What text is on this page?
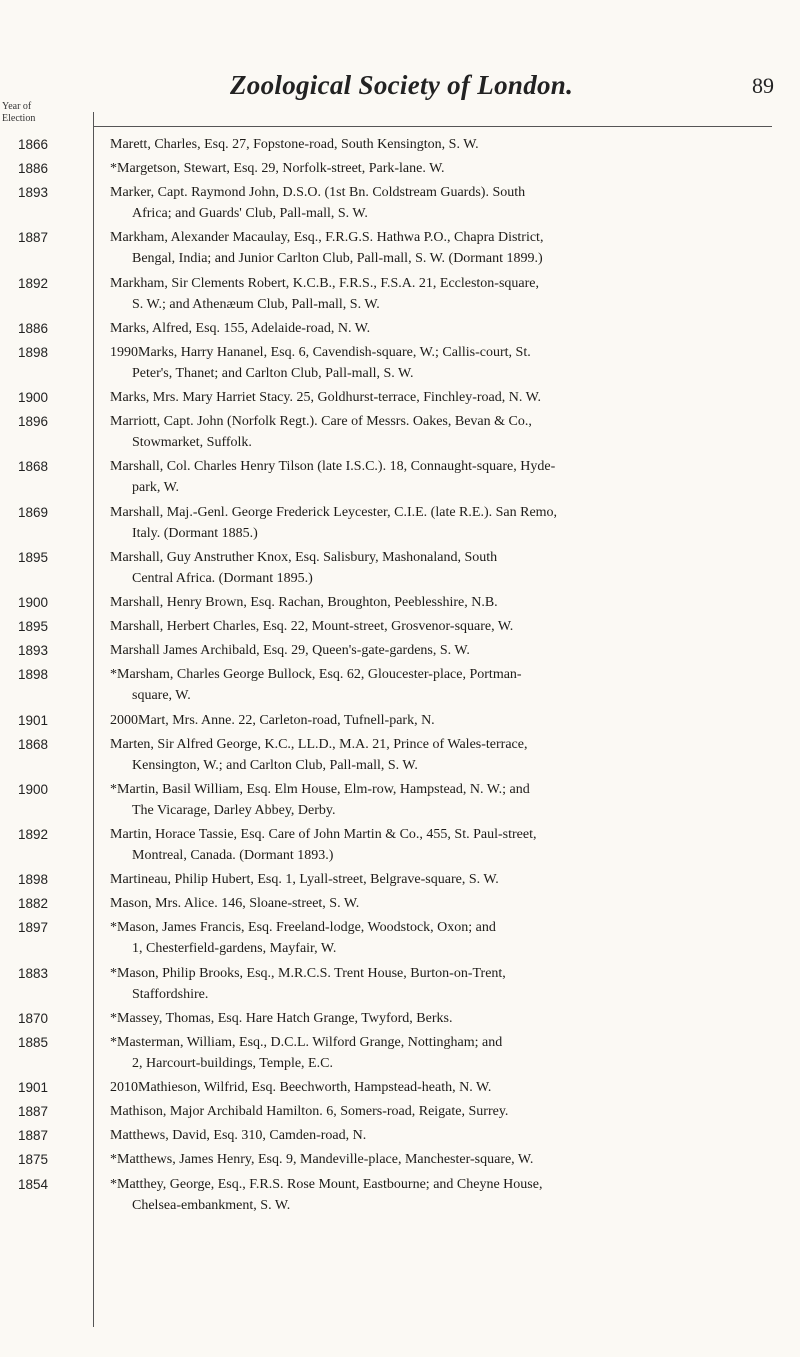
Zoological Society of London.	89
Year of
Election
1866	Marett, Charles, Esq. 27, Fopstone-road, South Kensington, S. W.
1886	*Margetson, Stewart, Esq. 29, Norfolk-street, Park-lane. W.
1893	Marker, Capt. Raymond John, D.S.O. (1st Bn. Coldstream Guards). South
Africa; and Guards' Club, Pall-mall, S. W.
1887	Markham, Alexander Macaulay, Esq., F.R.G.S. Hathwa P.O., Chapra District,
Bengal, India; and Junior Carlton Club, Pall-mall, S. W. (Dormant 1899.)
1892	Markham, Sir Clements Robert, K.C.B., F.R.S., F.S.A. 21, Eccleston-square,
S. W.; and Athenæum Club, Pall-mall, S. W.
1886	Marks, Alfred, Esq. 155, Adelaide-road, N. W.
1898	1990Marks, Harry Hananel, Esq. 6, Cavendish-square, W.; Callis-court, St.
Peter's, Thanet; and Carlton Club, Pall-mall, S. W.
1900	Marks, Mrs. Mary Harriet Stacy. 25, Goldhurst-terrace, Finchley-road, N. W.
1896	Marriott, Capt. John (Norfolk Regt.). Care of Messrs. Oakes, Bevan & Co.,
Stowmarket, Suffolk.
1868	Marshall, Col. Charles Henry Tilson (late I.S.C.). 18, Connaught-square, Hyde-
park, W.
1869	Marshall, Maj.-Genl. George Frederick Leycester, C.I.E. (late R.E.). San Remo,
Italy. (Dormant 1885.)
1895	Marshall, Guy Anstruther Knox, Esq. Salisbury, Mashonaland, South
Central Africa. (Dormant 1895.)
1900	Marshall, Henry Brown, Esq. Rachan, Broughton, Peeblesshire, N.B.
1895	Marshall, Herbert Charles, Esq. 22, Mount-street, Grosvenor-square, W.
1893	Marshall James Archibald, Esq. 29, Queen's-gate-gardens, S. W.
1898	*Marsham, Charles George Bullock, Esq. 62, Gloucester-place, Portman-
square, W.
1901	2000Mart, Mrs. Anne. 22, Carleton-road, Tufnell-park, N.
1868	Marten, Sir Alfred George, K.C., LL.D., M.A. 21, Prince of Wales-terrace,
Kensington, W.; and Carlton Club, Pall-mall, S. W.
1900	*Martin, Basil William, Esq. Elm House, Elm-row, Hampstead, N. W.; and
The Vicarage, Darley Abbey, Derby.
1892	Martin, Horace Tassie, Esq. Care of John Martin & Co., 455, St. Paul-street,
Montreal, Canada. (Dormant 1893.)
1898	Martineau, Philip Hubert, Esq. 1, Lyall-street, Belgrave-square, S. W.
1882	Mason, Mrs. Alice. 146, Sloane-street, S. W.
1897	*Mason, James Francis, Esq. Freeland-lodge, Woodstock, Oxon; and
1, Chesterfield-gardens, Mayfair, W.
1883	*Mason, Philip Brooks, Esq., M.R.C.S. Trent House, Burton-on-Trent,
Staffordshire.
1870	*Massey, Thomas, Esq. Hare Hatch Grange, Twyford, Berks.
1885	*Masterman, William, Esq., D.C.L. Wilford Grange, Nottingham; and
2, Harcourt-buildings, Temple, E.C.
1901	2010Mathieson, Wilfrid, Esq. Beechworth, Hampstead-heath, N. W.
1887	Mathison, Major Archibald Hamilton. 6, Somers-road, Reigate, Surrey.
1887	Matthews, David, Esq. 310, Camden-road, N.
1875	*Matthews, James Henry, Esq. 9, Mandeville-place, Manchester-square, W.
1854	*Matthey, George, Esq., F.R.S. Rose Mount, Eastbourne; and Cheyne House,
Chelsea-embankment, S. W.
